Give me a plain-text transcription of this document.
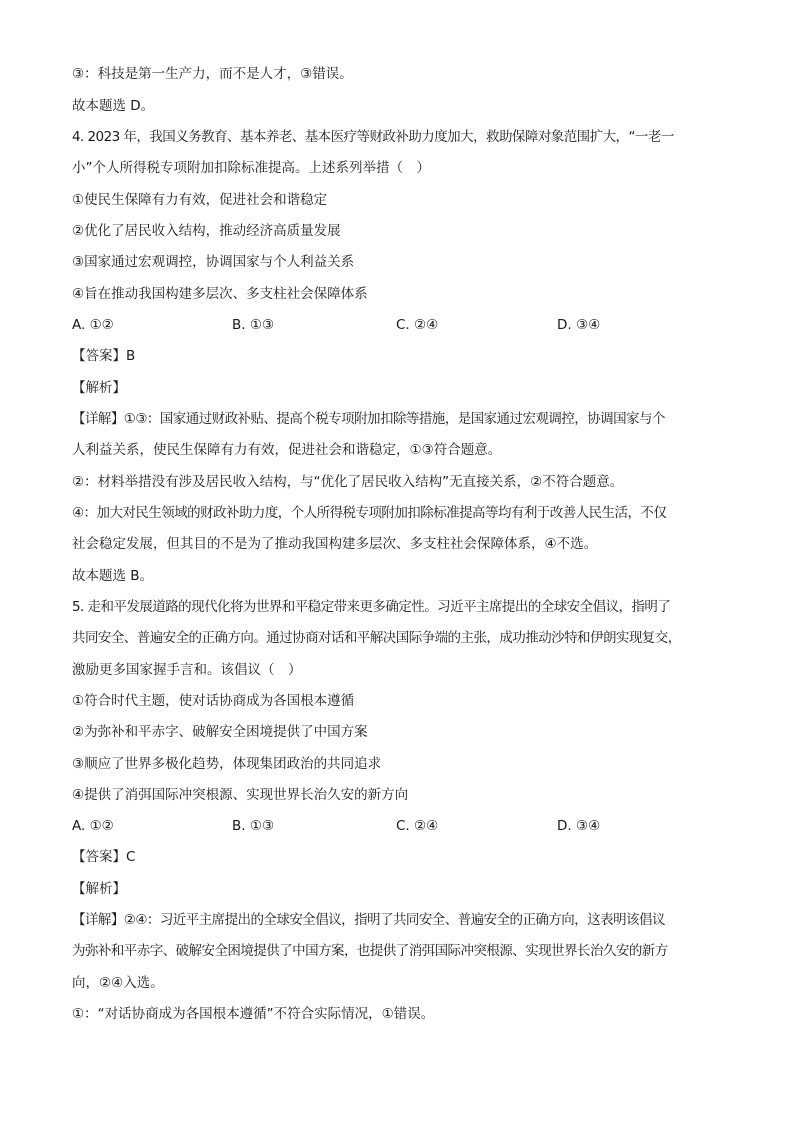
③：科技是第一生产力，而不是人才，③错误。

故本题选 D。

4. 2023 年，我国义务教育、基本养老、基本医疗等财政补助力度加大，救助保障对象范围扩大，“一老一

小”个人所得税专项附加扣除标准提高。上述系列举措（　）

①使民生保障有力有效，促进社会和谐稳定

②优化了居民收入结构，推动经济高质量发展

③国家通过宏观调控，协调国家与个人利益关系

④旨在推动我国构建多层次、多支柱社会保障体系

A. ①②	B. ①③	C. ②④	D. ③④

【答案】B

【解析】

【详解】①③：国家通过财政补贴、提高个税专项附加扣除等措施，是国家通过宏观调控，协调国家与个

人利益关系，使民生保障有力有效，促进社会和谐稳定，①③符合题意。

②：材料举措没有涉及居民收入结构，与“优化了居民收入结构”无直接关系，②不符合题意。

④：加大对民生领域的财政补助力度，个人所得税专项附加扣除标准提高等均有利于改善人民生活，不仅

社会稳定发展，但其目的不是为了推动我国构建多层次、多支柱社会保障体系，④不选。

故本题选 B。

5. 走和平发展道路的现代化将为世界和平稳定带来更多确定性。习近平主席提出的全球安全倡议，指明了

共同安全、普遍安全的正确方向。通过协商对话和平解决国际争端的主张，成功推动沙特和伊朗实现复交，

激励更多国家握手言和。该倡议（　）

①符合时代主题，使对话协商成为各国根本遵循

②为弥补和平赤字、破解安全困境提供了中国方案

③顺应了世界多极化趋势，体现集团政治的共同追求

④提供了消弭国际冲突根源、实现世界长治久安的新方向

A. ①②	B. ①③	C. ②④	D. ③④

【答案】C

【解析】

【详解】②④：习近平主席提出的全球安全倡议，指明了共同安全、普遍安全的正确方向，这表明该倡议

为弥补和平赤字、破解安全困境提供了中国方案，也提供了消弭国际冲突根源、实现世界长治久安的新方

向，②④入选。

①：“对话协商成为各国根本遵循”不符合实际情况，①错误。
